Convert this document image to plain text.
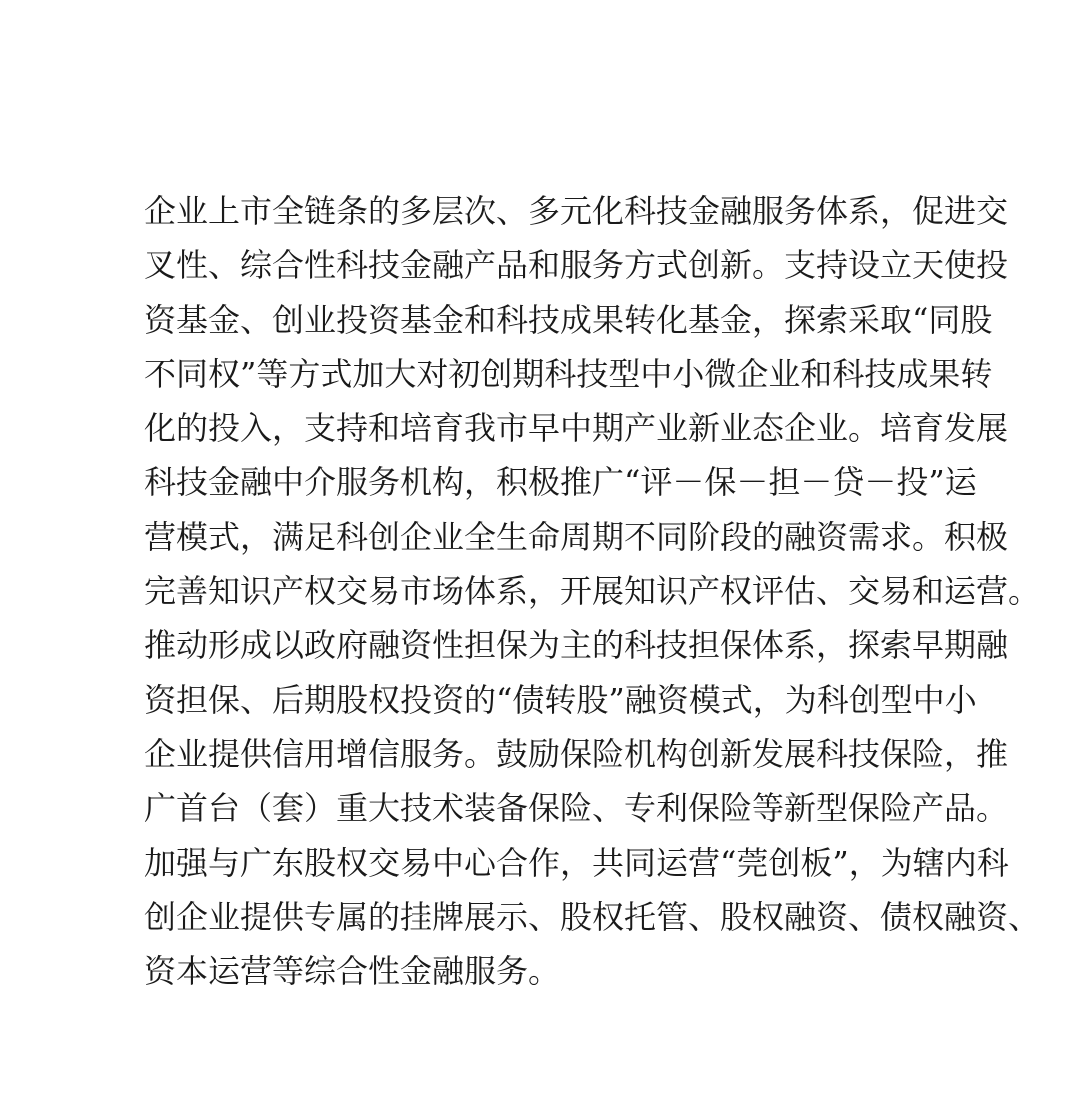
企业上市全链条的多层次、多元化科技金融服务体系，促进交
叉性、综合性科技金融产品和服务方式创新。支持设立天使投
资基金、创业投资基金和科技成果转化基金，探索采取“同股
不同权”等方式加大对初创期科技型中小微企业和科技成果转
化的投入，支持和培育我市早中期产业新业态企业。培育发展
科技金融中介服务机构，积极推广“评－保－担－贷－投”运
营模式，满足科创企业全生命周期不同阶段的融资需求。积极
完善知识产权交易市场体系，开展知识产权评估、交易和运营。
推动形成以政府融资性担保为主的科技担保体系，探索早期融
资担保、后期股权投资的“债转股”融资模式，为科创型中小
企业提供信用增信服务。鼓励保险机构创新发展科技保险，推
广首台（套）重大技术装备保险、专利保险等新型保险产品。
加强与广东股权交易中心合作，共同运营“莞创板”，为辖内科
创企业提供专属的挂牌展示、股权托管、股权融资、债权融资、
资本运营等综合性金融服务。
